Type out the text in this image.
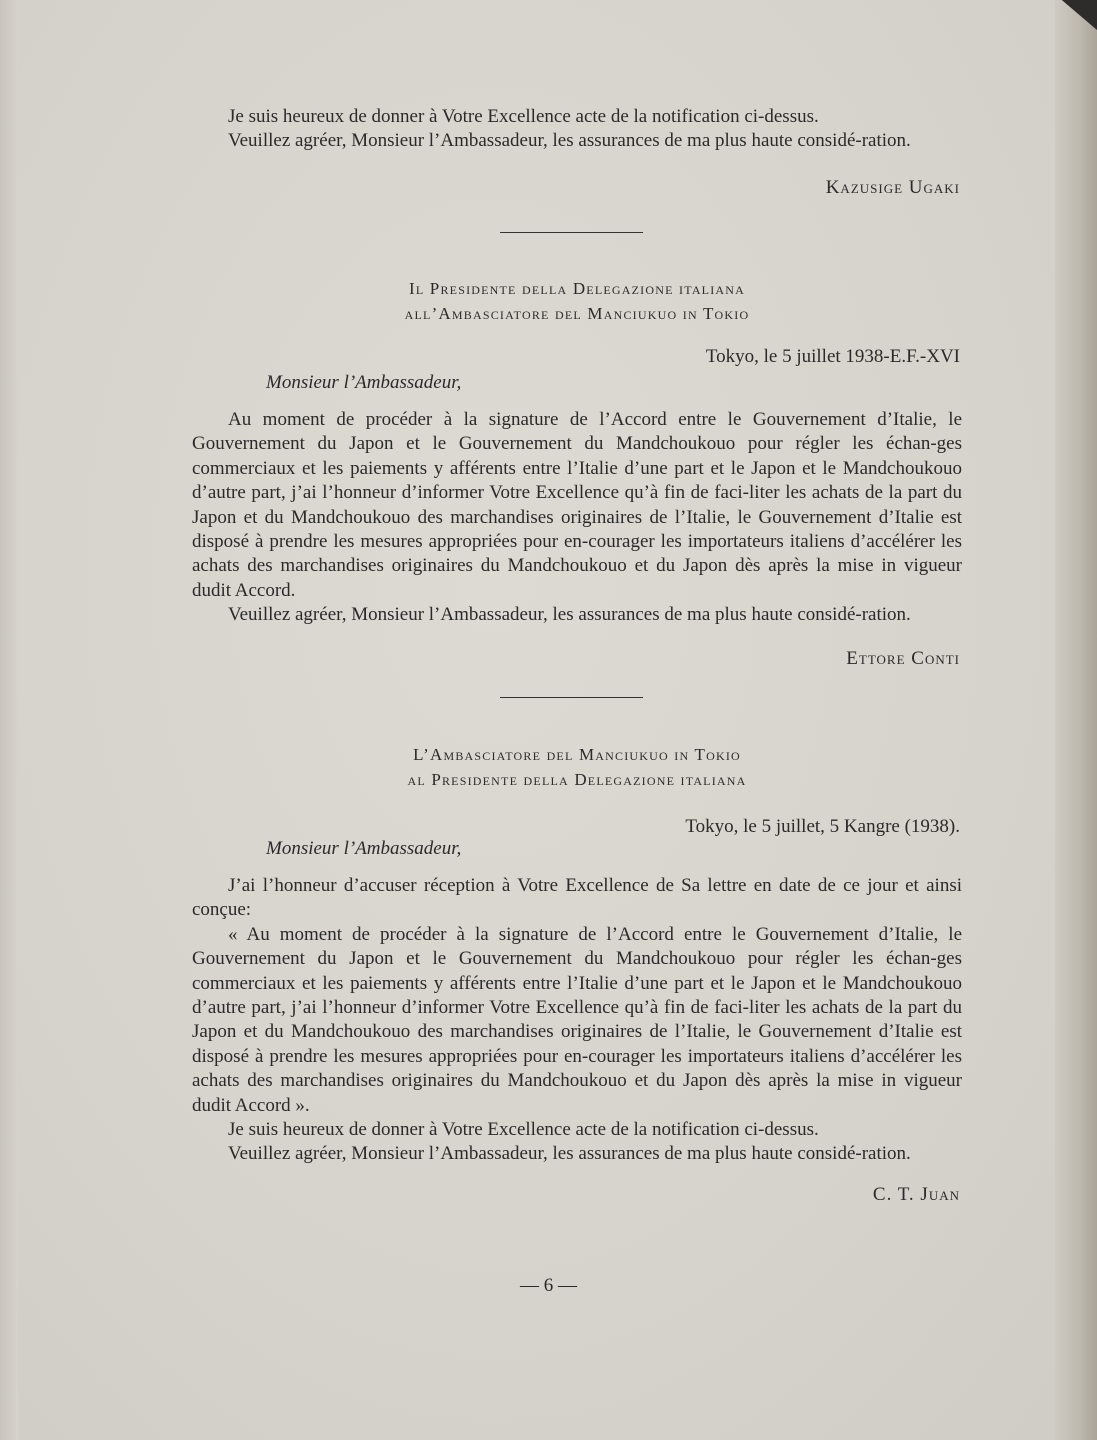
Je suis heureux de donner à Votre Excellence acte de la notification ci-dessus.

Veuillez agréer, Monsieur l’Ambassadeur, les assurances de ma plus haute considé-ration.

Kazusige Ugaki
Il Presidente della Delegazione italiana
all’Ambasciatore del Manciukuo in Tokio
Tokyo, le 5 juillet 1938-E.F.-XVI
Monsieur l’Ambassadeur,

Au moment de procéder à la signature de l’Accord entre le Gouvernement d’Italie, le Gouvernement du Japon et le Gouvernement du Mandchoukouo pour régler les échan-ges commerciaux et les paiements y afférents entre l’Italie d’une part et le Japon et le Mandchoukouo d’autre part, j’ai l’honneur d’informer Votre Excellence qu’à fin de faci-liter les achats de la part du Japon et du Mandchoukouo des marchandises originaires de l’Italie, le Gouvernement d’Italie est disposé à prendre les mesures appropriées pour en-courager les importateurs italiens d’accélérer les achats des marchandises originaires du Mandchoukouo et du Japon dès après la mise in vigueur dudit Accord.

Veuillez agréer, Monsieur l’Ambassadeur, les assurances de ma plus haute considé-ration.

Ettore Conti
L’Ambasciatore del Manciukuo in Tokio
al Presidente della Delegazione italiana
Tokyo, le 5 juillet, 5 Kangre (1938).
Monsieur l’Ambassadeur,

J’ai l’honneur d’accuser réception à Votre Excellence de Sa lettre en date de ce jour et ainsi conçue:

« Au moment de procéder à la signature de l’Accord entre le Gouvernement d’Italie, le Gouvernement du Japon et le Gouvernement du Mandchoukouo pour régler les échan-ges commerciaux et les paiements y afférents entre l’Italie d’une part et le Japon et le Mandchoukouo d’autre part, j’ai l’honneur d’informer Votre Excellence qu’à fin de faci-liter les achats de la part du Japon et du Mandchoukouo des marchandises originaires de l’Italie, le Gouvernement d’Italie est disposé à prendre les mesures appropriées pour en-courager les importateurs italiens d’accélérer les achats des marchandises originaires du Mandchoukouo et du Japon dès après la mise in vigueur dudit Accord ».

Je suis heureux de donner à Votre Excellence acte de la notification ci-dessus.

Veuillez agréer, Monsieur l’Ambassadeur, les assurances de ma plus haute considé-ration.

C. T. Juan
— 6 —
